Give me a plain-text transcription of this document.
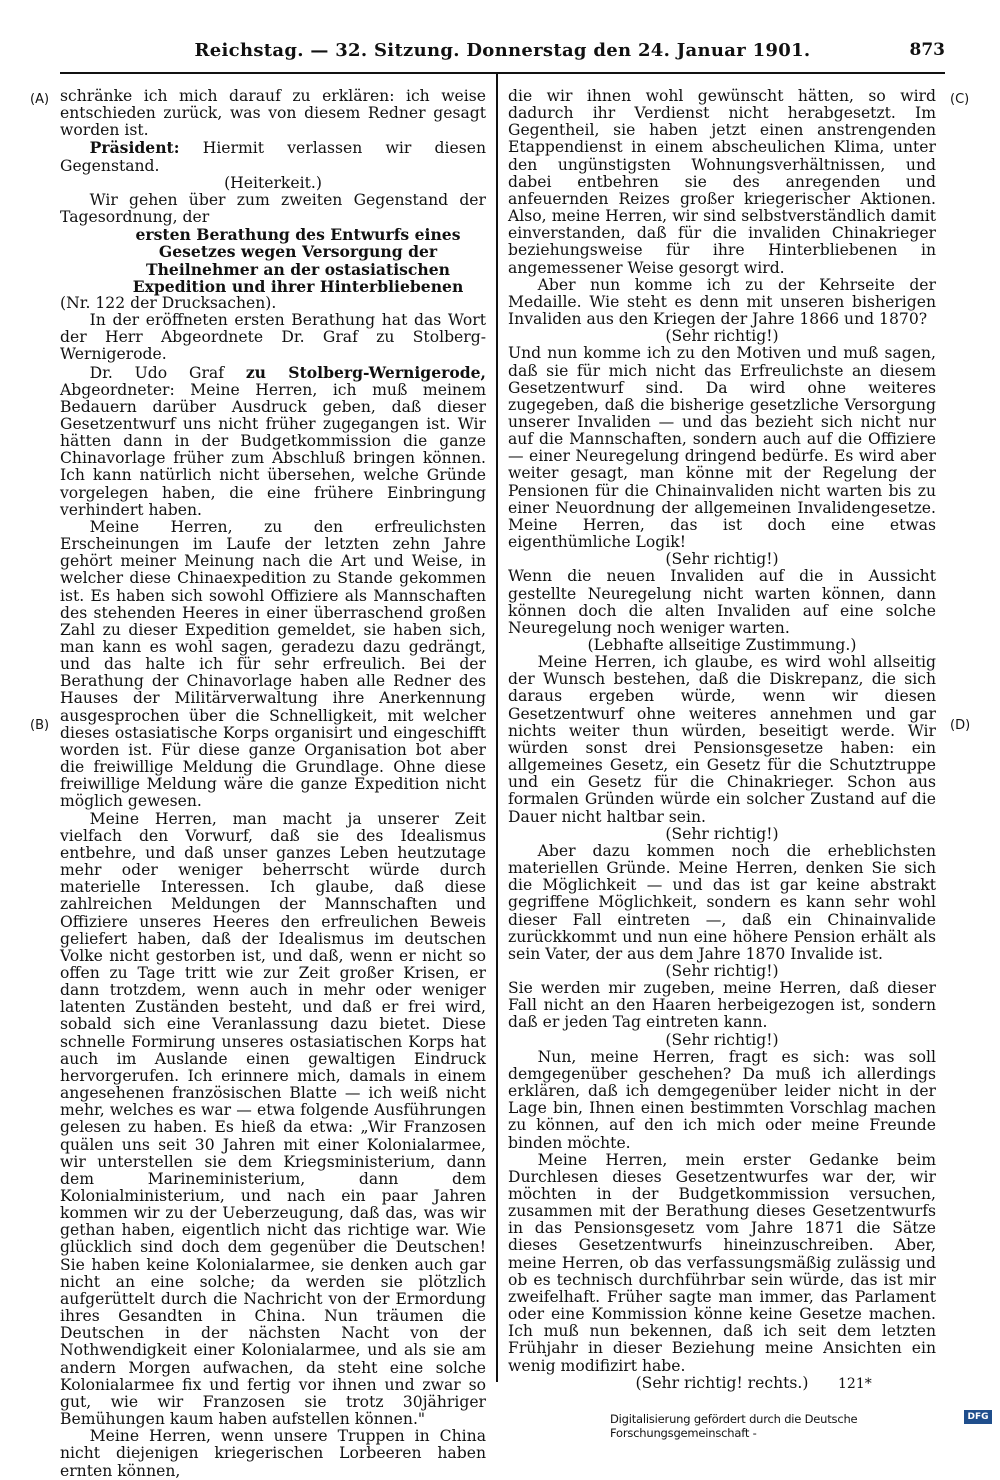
Reichstag. — 32. Sitzung. Donnerstag den 24. Januar 1901.	873
(A)
(B)
(C)
(D)

schränke ich mich darauf zu erklären: ich weise entschieden zurück, was von diesem Redner gesagt worden ist.

Präsident: Hiermit verlassen wir diesen Gegenstand.

(Heiterkeit.)

Wir gehen über zum zweiten Gegenstand der Tagesordnung, der

ersten Berathung des Entwurfs eines Gesetzes wegen Versorgung der Theilnehmer an der ostasiatischen Expedition und ihrer Hinterbliebenen

(Nr. 122 der Drucksachen).

In der eröffneten ersten Berathung hat das Wort der Herr Abgeordnete Dr. Graf zu Stolberg-Wernigerode.

Dr. Udo Graf zu Stolberg-Wernigerode, Abgeordneter: Meine Herren, ich muß meinem Bedauern darüber Ausdruck geben, daß dieser Gesetzentwurf uns nicht früher zugegangen ist. Wir hätten dann in der Budgetkommission die ganze Chinavorlage früher zum Abschluß bringen können. Ich kann natürlich nicht übersehen, welche Gründe vorgelegen haben, die eine frühere Einbringung verhindert haben.

Meine Herren, zu den erfreulichsten Erscheinungen im Laufe der letzten zehn Jahre gehört meiner Meinung nach die Art und Weise, in welcher diese Chinaexpedition zu Stande gekommen ist. Es haben sich sowohl Offiziere als Mannschaften des stehenden Heeres in einer überraschend großen Zahl zu dieser Expedition gemeldet, sie haben sich, man kann es wohl sagen, geradezu dazu gedrängt, und das halte ich für sehr erfreulich. Bei der Berathung der Chinavorlage haben alle Redner des Hauses der Militärverwaltung ihre Anerkennung ausgesprochen über die Schnelligkeit, mit welcher dieses ostasiatische Korps organisirt und eingeschifft worden ist. Für diese ganze Organisation bot aber die freiwillige Meldung die Grundlage. Ohne diese freiwillige Meldung wäre die ganze Expedition nicht möglich gewesen.

Meine Herren, man macht ja unserer Zeit vielfach den Vorwurf, daß sie des Idealismus entbehre, und daß unser ganzes Leben heutzutage mehr oder weniger beherrscht würde durch materielle Interessen. Ich glaube, daß diese zahlreichen Meldungen der Mannschaften und Offiziere unseres Heeres den erfreulichen Beweis geliefert haben, daß der Idealismus im deutschen Volke nicht gestorben ist, und daß, wenn er nicht so offen zu Tage tritt wie zur Zeit großer Krisen, er dann trotzdem, wenn auch in mehr oder weniger latenten Zuständen besteht, und daß er frei wird, sobald sich eine Veranlassung dazu bietet. Diese schnelle Formirung unseres ostasiatischen Korps hat auch im Auslande einen gewaltigen Eindruck hervorgerufen. Ich erinnere mich, damals in einem angesehenen französischen Blatte — ich weiß nicht mehr, welches es war — etwa folgende Ausführungen gelesen zu haben. Es hieß da etwa: „Wir Franzosen quälen uns seit 30 Jahren mit einer Kolonialarmee, wir unterstellen sie dem Kriegsministerium, dann dem Marineministerium, dann dem Kolonialministerium, und nach ein paar Jahren kommen wir zu der Ueberzeugung, daß das, was wir gethan haben, eigentlich nicht das richtige war. Wie glücklich sind doch dem gegenüber die Deutschen! Sie haben keine Kolonialarmee, sie denken auch gar nicht an eine solche; da werden sie plötzlich aufgerüttelt durch die Nachricht von der Ermordung ihres Gesandten in China. Nun träumen die Deutschen in der nächsten Nacht von der Nothwendigkeit einer Kolonialarmee, und als sie am andern Morgen aufwachen, da steht eine solche Kolonialarmee fix und fertig vor ihnen und zwar so gut, wie wir Franzosen sie trotz 30jähriger Bemühungen kaum haben aufstellen können."

Meine Herren, wenn unsere Truppen in China nicht diejenigen kriegerischen Lorbeeren haben ernten können,

die wir ihnen wohl gewünscht hätten, so wird dadurch ihr Verdienst nicht herabgesetzt. Im Gegentheil, sie haben jetzt einen anstrengenden Etappendienst in einem abscheulichen Klima, unter den ungünstigsten Wohnungsverhältnissen, und dabei entbehren sie des anregenden und anfeuernden Reizes großer kriegerischer Aktionen. Also, meine Herren, wir sind selbstverständlich damit einverstanden, daß für die invaliden Chinakrieger beziehungsweise für ihre Hinterbliebenen in angemessener Weise gesorgt wird.

Aber nun komme ich zu der Kehrseite der Medaille. Wie steht es denn mit unseren bisherigen Invaliden aus den Kriegen der Jahre 1866 und 1870?

(Sehr richtig!)

Und nun komme ich zu den Motiven und muß sagen, daß sie für mich nicht das Erfreulichste an diesem Gesetzentwurf sind. Da wird ohne weiteres zugegeben, daß die bisherige gesetzliche Versorgung unserer Invaliden — und das bezieht sich nicht nur auf die Mannschaften, sondern auch auf die Offiziere — einer Neuregelung dringend bedürfe. Es wird aber weiter gesagt, man könne mit der Regelung der Pensionen für die Chinainvaliden nicht warten bis zu einer Neuordnung der allgemeinen Invalidengesetze. Meine Herren, das ist doch eine etwas eigenthümliche Logik!

(Sehr richtig!)

Wenn die neuen Invaliden auf die in Aussicht gestellte Neuregelung nicht warten können, dann können doch die alten Invaliden auf eine solche Neuregelung noch weniger warten.

(Lebhafte allseitige Zustimmung.)

Meine Herren, ich glaube, es wird wohl allseitig der Wunsch bestehen, daß die Diskrepanz, die sich daraus ergeben würde, wenn wir diesen Gesetzentwurf ohne weiteres annehmen und gar nichts weiter thun würden, beseitigt werde. Wir würden sonst drei Pensionsgesetze haben: ein allgemeines Gesetz, ein Gesetz für die Schutztruppe und ein Gesetz für die Chinakrieger. Schon aus formalen Gründen würde ein solcher Zustand auf die Dauer nicht haltbar sein.

(Sehr richtig!)

Aber dazu kommen noch die erheblichsten materiellen Gründe. Meine Herren, denken Sie sich die Möglichkeit — und das ist gar keine abstrakt gegriffene Möglichkeit, sondern es kann sehr wohl dieser Fall eintreten —, daß ein Chinainvalide zurückkommt und nun eine höhere Pension erhält als sein Vater, der aus dem Jahre 1870 Invalide ist.

(Sehr richtig!)

Sie werden mir zugeben, meine Herren, daß dieser Fall nicht an den Haaren herbeigezogen ist, sondern daß er jeden Tag eintreten kann.

(Sehr richtig!)

Nun, meine Herren, fragt es sich: was soll demgegenüber geschehen? Da muß ich allerdings erklären, daß ich demgegenüber leider nicht in der Lage bin, Ihnen einen bestimmten Vorschlag machen zu können, auf den ich mich oder meine Freunde binden möchte.

Meine Herren, mein erster Gedanke beim Durchlesen dieses Gesetzentwurfes war der, wir möchten in der Budgetkommission versuchen, zusammen mit der Berathung dieses Gesetzentwurfs in das Pensionsgesetz vom Jahre 1871 die Sätze dieses Gesetzentwurfs hineinzuschreiben. Aber, meine Herren, ob das verfassungsmäßig zulässig und ob es technisch durchführbar sein würde, das ist mir zweifelhaft. Früher sagte man immer, das Parlament oder eine Kommission könne keine Gesetze machen. Ich muß nun bekennen, daß ich seit dem letzten Frühjahr in dieser Beziehung meine Ansichten ein wenig modifizirt habe.

(Sehr richtig! rechts.)	121*
Digitalisierung gefördert durch die Deutsche Forschungsgemeinschaft -
DFG
